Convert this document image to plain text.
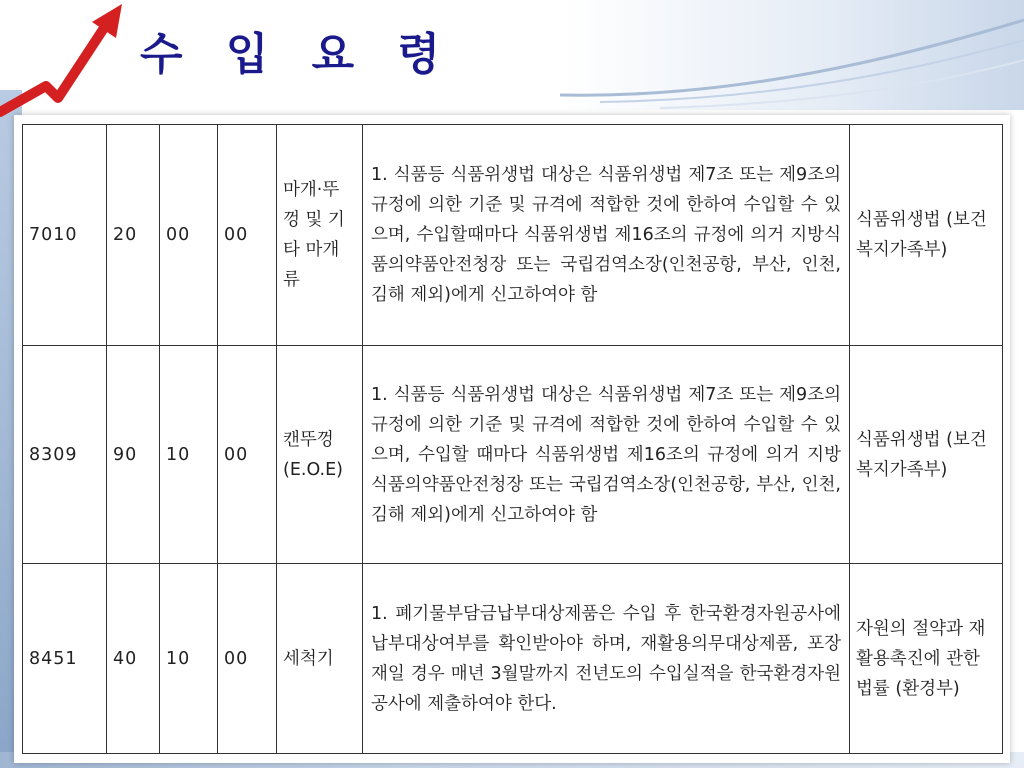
수 입 요 령
7010	20	00	00	마개·뚜껑 및 기타 마개류	1. 식품등 식품위생법 대상은 식품위생법 제7조 또는 제9조의 규정에 의한 기준 및 규격에 적합한 것에 한하여 수입할 수 있으며, 수입할때마다 식품위생법 제16조의 규정에 의거 지방식품의약품안전청장 또는 국립검역소장(인천공항, 부산, 인천, 김해 제외)에게 신고하여야 함	식품위생법 (보건복지가족부)
8309	90	10	00	캔뚜껑 (E.O.E)	1. 식품등 식품위생법 대상은 식품위생법 제7조 또는 제9조의 규정에 의한 기준 및 규격에 적합한 것에 한하여 수입할 수 있으며, 수입할 때마다 식품위생법 제16조의 규정에 의거 지방식품의약품안전청장 또는 국립검역소장(인천공항, 부산, 인천, 김해 제외)에게 신고하여야 함	식품위생법 (보건복지가족부)
8451	40	10	00	세척기	1. 폐기물부담금납부대상제품은 수입 후 한국환경자원공사에 납부대상여부를 확인받아야 하며, 재활용의무대상제품, 포장재일 경우 매년 3월말까지 전년도의 수입실적을 한국환경자원공사에 제출하여야 한다.	자원의 절약과 재활용촉진에 관한 법률 (환경부)
